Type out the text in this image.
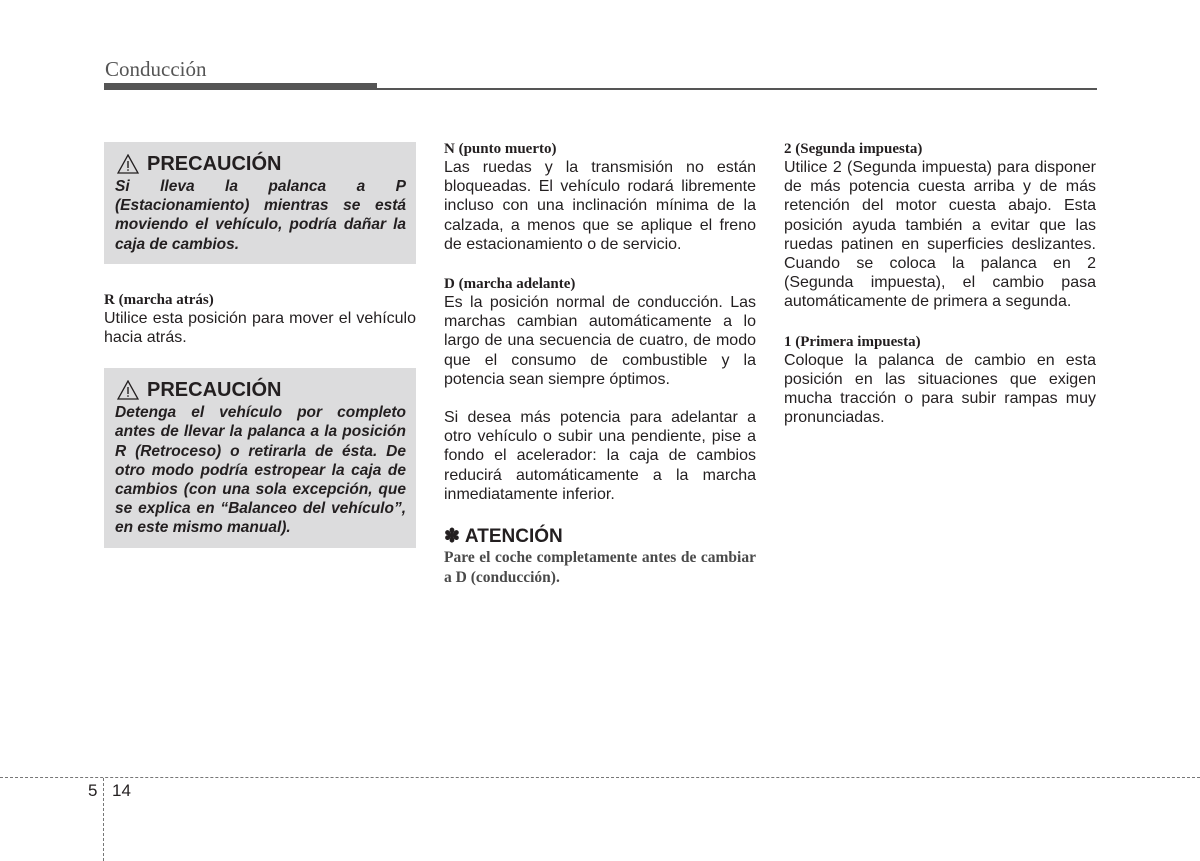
Conducción
PRECAUCIÓN
Si lleva la palanca a P (Estacionamiento) mientras se está moviendo el vehículo, podría dañar la caja de cambios.
R (marcha atrás)
Utilice esta posición para mover el vehículo hacia atrás.
PRECAUCIÓN
Detenga el vehículo por completo antes de llevar la palanca a la posición R (Retroceso) o retirarla de ésta. De otro modo podría estropear la caja de cambios (con una sola excepción, que se explica en “Balanceo del vehículo”, en este mismo manual).
N (punto muerto)
Las ruedas y la transmisión no están bloqueadas. El vehículo rodará libremente incluso con una inclinación mínima de la calzada, a menos que se aplique el freno de estacionamiento o de servicio.
D (marcha adelante)
Es la posición normal de conducción. Las marchas cambian automáticamente a lo largo de una secuencia de cuatro, de modo que el consumo de combustible y la potencia sean siempre óptimos.
Si desea más potencia para adelantar a otro vehículo o subir una pendiente, pise a fondo el acelerador: la caja de cambios reducirá automáticamente a la marcha inmediatamente inferior.
✽ ATENCIÓN
Pare el coche completamente antes de cambiar a D (conducción).
2 (Segunda impuesta)
Utilice 2 (Segunda impuesta) para disponer de más potencia cuesta arriba y de más retención del motor cuesta abajo. Esta posición ayuda también a evitar que las ruedas patinen en superficies deslizantes. Cuando se coloca la palanca en 2 (Segunda impuesta), el cambio pasa automáticamente de primera a segunda.
1 (Primera impuesta)
Coloque la palanca de cambio en esta posición en las situaciones que exigen mucha tracción o para subir rampas muy pronunciadas.
5 14
